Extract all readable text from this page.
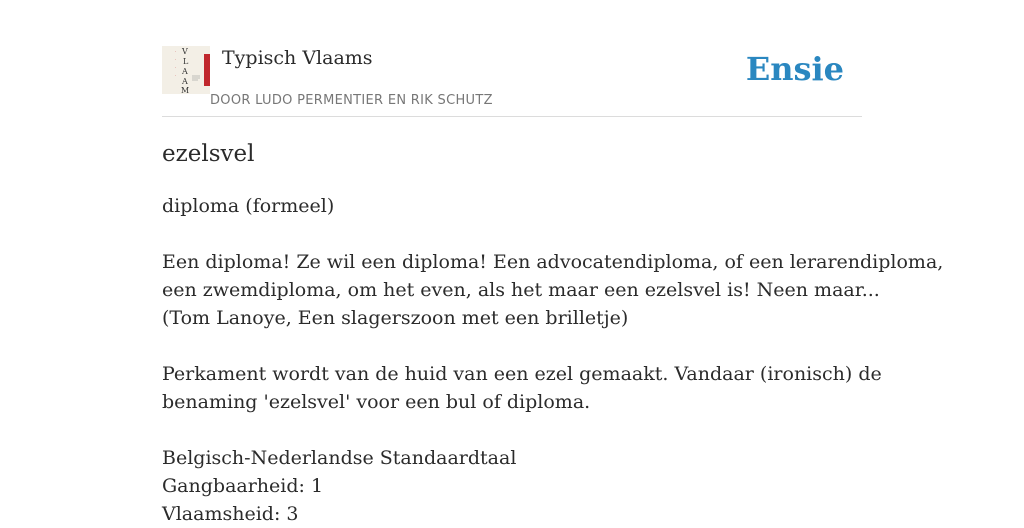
.
.
.
.
V
L
A
A
M
Typisch Vlaams
DOOR LUDO PERMENTIER EN RIK SCHUTZ
Ensie
ezelsvel
diploma (formeel)
Een diploma! Ze wil een diploma! Een advocatendiploma, of een lerarendiploma,
een zwemdiploma, om het even, als het maar een ezelsvel is! Neen maar...
(Tom Lanoye, Een slagerszoon met een brilletje)
Perkament wordt van de huid van een ezel gemaakt. Vandaar (ironisch) de
benaming 'ezelsvel' voor een bul of diploma.
Belgisch-Nederlandse Standaardtaal
Gangbaarheid: 1
Vlaamsheid: 3
